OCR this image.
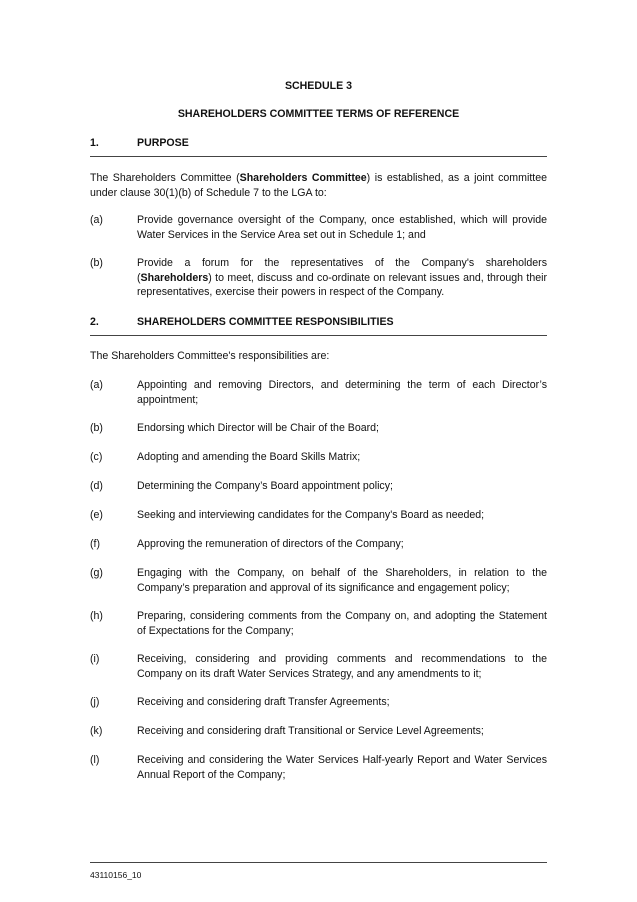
SCHEDULE 3
SHAREHOLDERS COMMITTEE TERMS OF REFERENCE
1.	PURPOSE
The Shareholders Committee (Shareholders Committee) is established, as a joint committee under clause 30(1)(b) of Schedule 7 to the LGA to:
(a)	Provide governance oversight of the Company, once established, which will provide Water Services in the Service Area set out in Schedule 1; and
(b)	Provide a forum for the representatives of the Company's shareholders (Shareholders) to meet, discuss and co-ordinate on relevant issues and, through their representatives, exercise their powers in respect of the Company.
2.	SHAREHOLDERS COMMITTEE RESPONSIBILITIES
The Shareholders Committee's responsibilities are:
(a)	Appointing and removing Directors, and determining the term of each Director’s appointment;
(b)	Endorsing which Director will be Chair of the Board;
(c)	Adopting and amending the Board Skills Matrix;
(d)	Determining the Company’s Board appointment policy;
(e)	Seeking and interviewing candidates for the Company's Board as needed;
(f)	Approving the remuneration of directors of the Company;
(g)	Engaging with the Company, on behalf of the Shareholders, in relation to the Company’s preparation and approval of its significance and engagement policy;
(h)	Preparing, considering comments from the Company on, and adopting the Statement of Expectations for the Company;
(i)	Receiving, considering and providing comments and recommendations to the Company on its draft Water Services Strategy, and any amendments to it;
(j)	Receiving and considering draft Transfer Agreements;
(k)	Receiving and considering draft Transitional or Service Level Agreements;
(l)	Receiving and considering the Water Services Half-yearly Report and Water Services Annual Report of the Company;
43110156_10
